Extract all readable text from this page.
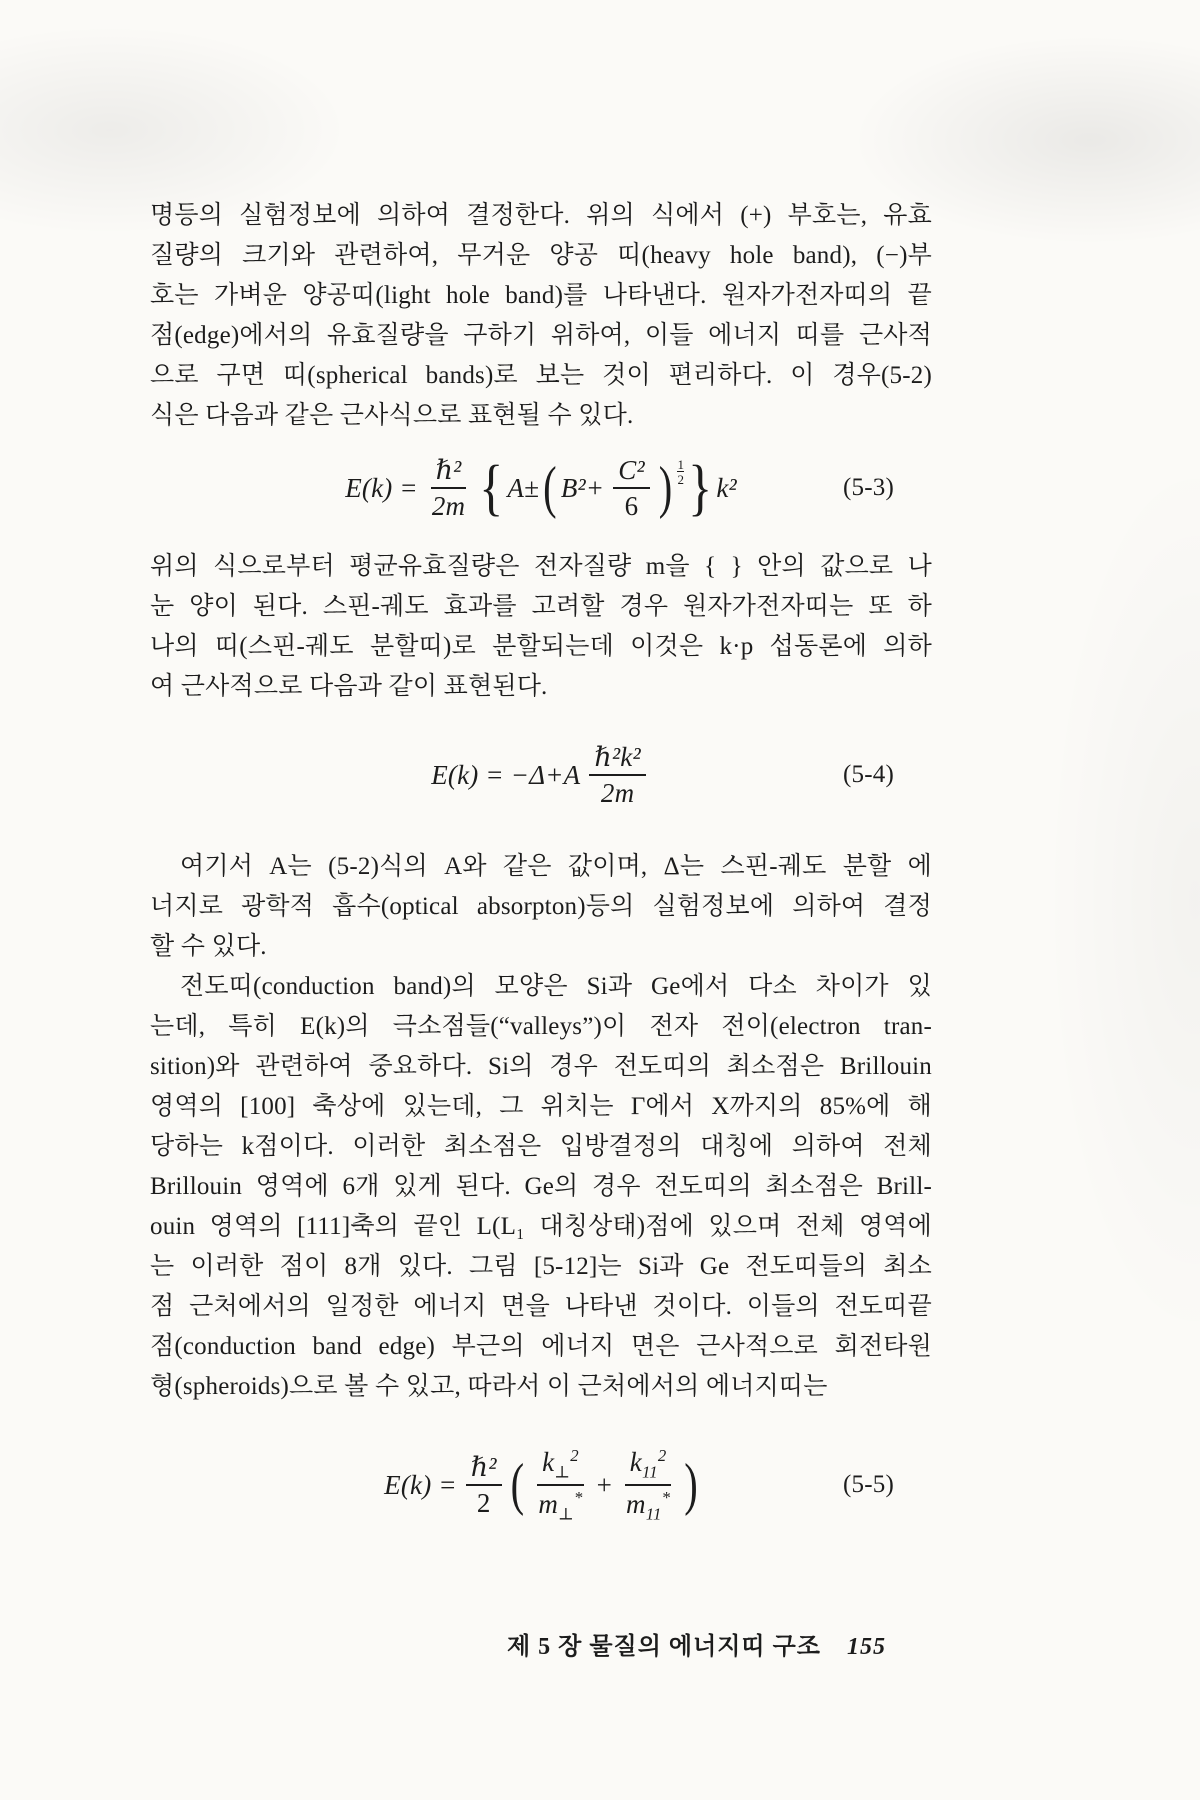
명등의 실험정보에 의하여 결정한다. 위의 식에서 (+) 부호는, 유효
질량의 크기와 관련하여, 무거운 양공 띠(heavy hole band), (−)부
호는 가벼운 양공띠(light hole band)를 나타낸다. 원자가전자띠의 끝
점(edge)에서의 유효질량을 구하기 위하여, 이들 에너지 띠를 근사적
으로 구면 띠(spherical bands)로 보는 것이 편리하다. 이 경우(5-2)
식은 다음과 같은 근사식으로 표현될 수 있다.
$E(k) = \frac{\text{ℏ²}}{2m}$ { A± ( $B^2+ \frac{\text{C²}}{6}$ ) 1
2 } k²	(5-3)
위의 식으로부터 평균유효질량은 전자질량 m을 { } 안의 값으로 나
눈 양이 된다. 스핀-궤도 효과를 고려할 경우 원자가전자띠는 또 하
나의 띠(스핀-궤도 분할띠)로 분할되는데 이것은 k·p 섭동론에 의하
여 근사적으로 다음과 같이 표현된다.
$E(k) = -\Delta+A \frac{\text{ℏ²k²}}{2m}$	(5-4)
여기서 A는 (5-2)식의 A와 같은 값이며, Δ는 스핀-궤도 분할 에
너지로 광학적 흡수(optical absorpton)등의 실험정보에 의하여 결정
할 수 있다.
전도띠(conduction band)의 모양은 Si과 Ge에서 다소 차이가 있
는데, 특히 E(k)의 극소점들(“valleys”)이 전자 전이(electron tran-
sition)와 관련하여 중요하다. Si의 경우 전도띠의 최소점은 Brillouin
영역의 [100] 축상에 있는데, 그 위치는 Γ에서 X까지의 85%에 해
당하는 k점이다. 이러한 최소점은 입방결정의 대칭에 의하여 전체
Brillouin 영역에 6개 있게 된다. Ge의 경우 전도띠의 최소점은 Brill-
ouin 영역의 [111]축의 끝인 L(L₁ 대칭상태)점에 있으며 전체 영역에
는 이러한 점이 8개 있다. 그림 [5-12]는 Si과 Ge 전도띠들의 최소
점 근처에서의 일정한 에너지 면을 나타낸 것이다. 이들의 전도띠끝
점(conduction band edge) 부근의 에너지 면은 근사적으로 회전타원
형(spheroids)으로 볼 수 있고, 따라서 이 근처에서의 에너지띠는
$E(k) = \frac{\text{ℏ²}}{2}$ ( $\frac{k_\perp^2}{m_\perp^*} + \frac{k_{11}^2}{m_{11}^*}$ )	(5-5)
제 5 장 물질의 에너지띠 구조 155
